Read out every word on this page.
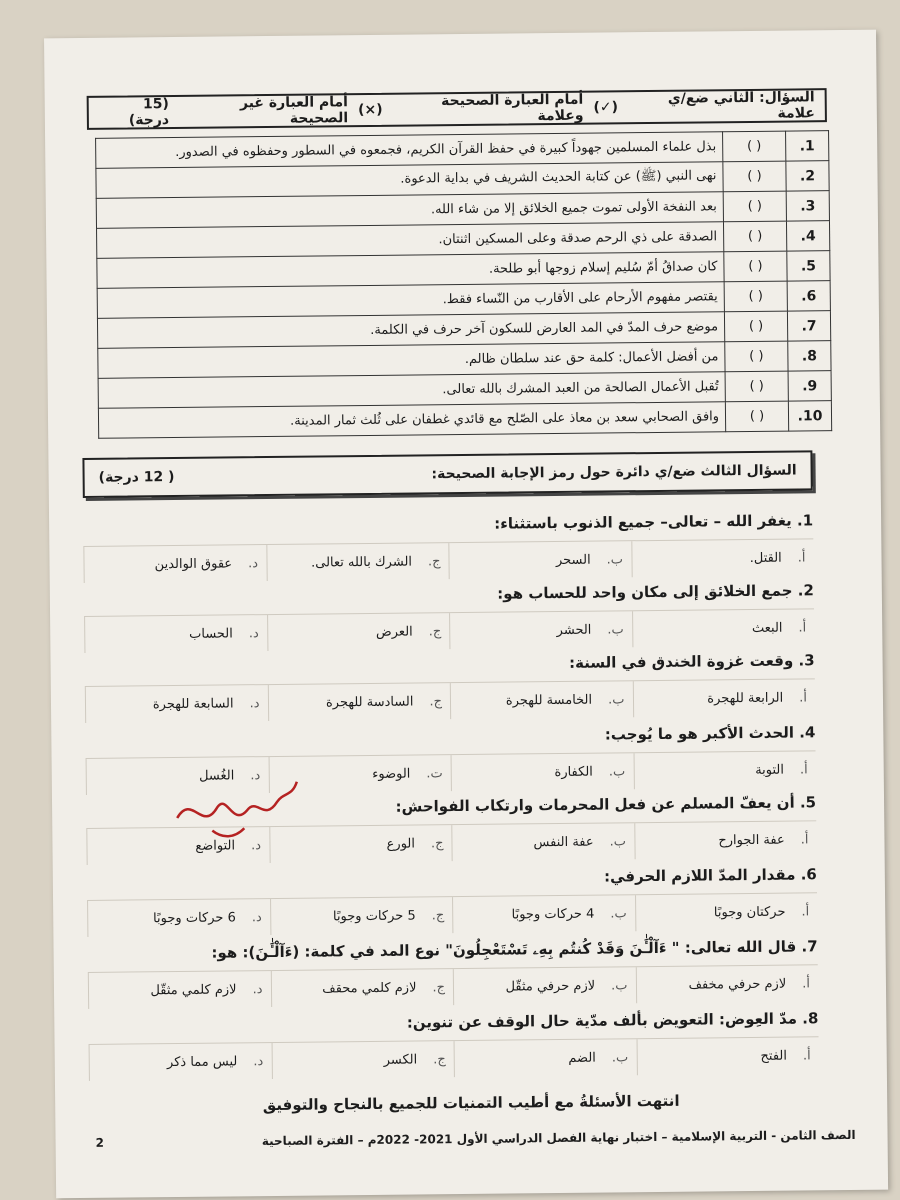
السؤال: الثاني ضع/ي علامة
(✓)
أمام العبارة الصحيحة وعلامة
(×)
أمام العبارة غير الصحيحة
(15 درجة)
1.	( )	بذل علماء المسلمين جهوداً كبيرة في حفظ القرآن الكريم، فجمعوه في السطور وحفظوه في الصدور.
2.	( )	نهى النبي (ﷺ) عن كتابة الحديث الشريف في بداية الدعوة.
3.	( )	بعد النفخة الأولى تموت جميع الخلائق إلا من شاء الله.
4.	( )	الصدقة على ذي الرحم صدقة وعلى المسكين اثنتان.
5.	( )	كان صداقُ أمّ سُليم إسلام زوجها أبو طلحة.
6.	( )	يقتصر مفهوم الأرحام على الأقارب من النّساء فقط.
7.	( )	موضع حرف المدّ في المد العارض للسكون آخر حرف في الكلمة.
8.	( )	من أفضل الأعمال: كلمة حق عند سلطان ظالم.
9.	( )	تُقبل الأعمال الصالحة من العبد المشرك بالله تعالى.
10.	( )	وافق الصحابي سعد بن معاذ على الصّلح مع قائدي غطفان على ثُلث ثمار المدينة.
السؤال الثالث ضع/ي دائرة حول رمز الإجابة الصحيحة:
( 12 درجة)
1. يغفر الله – تعالى– جميع الذنوب باستثناء:
أ.
القتل.
ب.
السحر
ج.
الشرك بالله تعالى.
د.
عقوق الوالدين
2. جمع الخلائق إلى مكان واحد للحساب هو:
أ.
البعث
ب.
الحشر
ج.
العرض
د.
الحساب
3. وقعت غزوة الخندق في السنة:
أ.
الرابعة للهجرة
ب.
الخامسة للهجرة
ج.
السادسة للهجرة
د.
السابعة للهجرة
4. الحدث الأكبر هو ما يُوجب:
أ.
التوبة
ب.
الكفارة
ت.
الوضوء
د.
الغُسل
5. أن يعفّ المسلم عن فعل المحرمات وارتكاب الفواحش:
أ.
عفة الجوارح
ب.
عفة النفس
ج.
الورع
د.
التواضع
6. مقدار المدّ اللازم الحرفي:
أ.
حركتان وجوبًا
ب.
4 حركات وجوبًا
ج.
5 حركات وجوبًا
د.
6 حركات وجوبًا
7. قال الله تعالى: " ءَآلْـَٰٔنَ وَقَدْ كُنتُم بِهِۦ تَسْتَعْجِلُونَ" نوع المد في كلمة: (ءَآلْـَٰٔنَ): هو:
أ.
لازم حرفي مخفف
ب.
لازم حرفي مثقّل
ج.
لازم كلمي محقف
د.
لازم كلمي مثقّل
8. مدّ العِوض: التعويض بألف مدّية حال الوقف عن تنوين:
أ.
الفتح
ب.
الضم
ج.
الكسر
د.
ليس مما ذكر
مستمرون
انتهت الأسئلةُ مع أطيب التمنيات للجميع بالنجاح والتوفيق
الصف الثامن - التربية الإسلامية – اختبار نهاية الفصل الدراسي الأول 2021- 2022م – الفترة الصباحية
2
